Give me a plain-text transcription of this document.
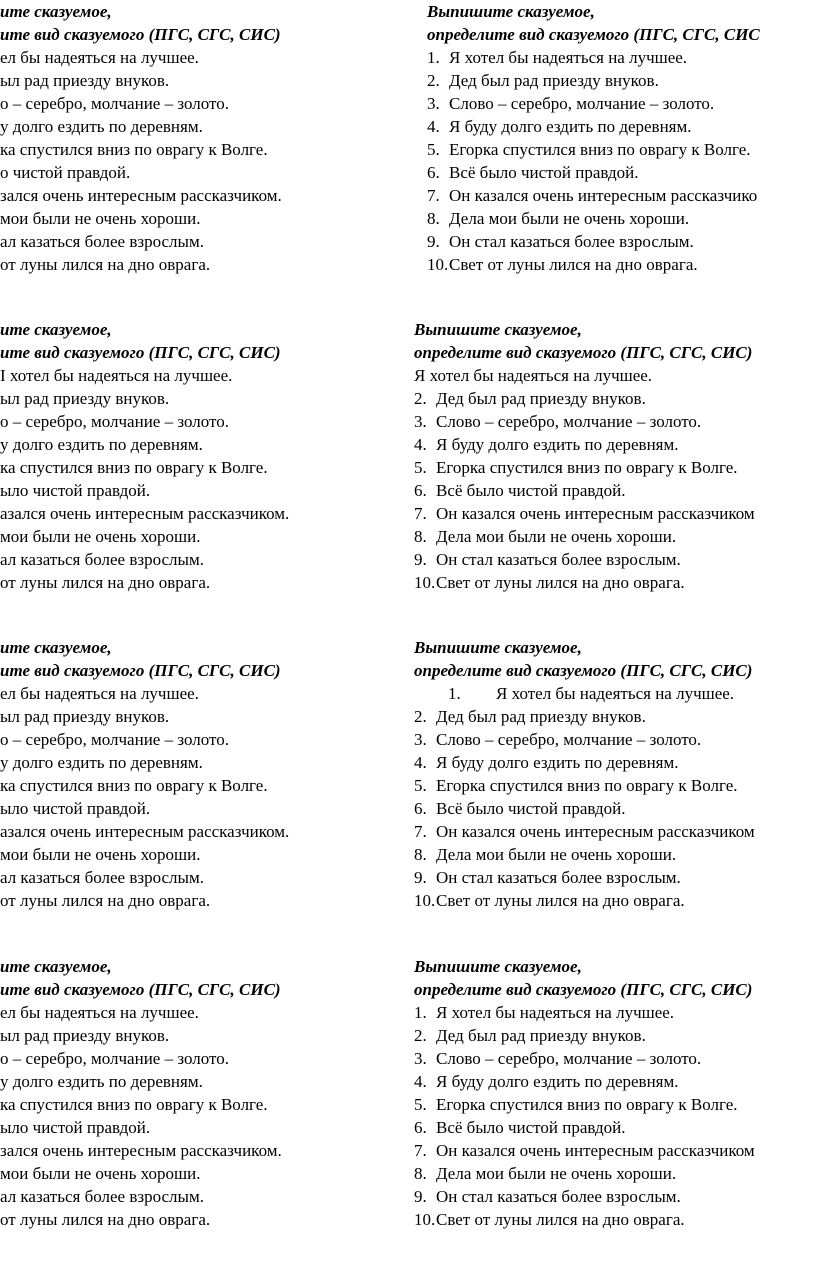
ите сказуемое,
ите вид сказуемого (ПГС, СГС, СИС)
ел бы надеяться на лучшее.
ыл рад приезду внуков.
о – серебро, молчание – золото.
у долго ездить по деревням.
ка спустился вниз по оврагу к Волге.
о чистой правдой.
зался очень интересным рассказчиком.
мои были не очень хороши.
ал казаться более взрослым.
от луны лился на дно оврага.
ите сказуемое,
ите вид сказуемого (ПГС, СГС, СИС)
I хотел бы надеяться на лучшее.
ыл рад приезду внуков.
о – серебро, молчание – золото.
у долго ездить по деревням.
ка спустился вниз по оврагу к Волге.
ыло чистой правдой.
азался очень интересным рассказчиком.
мои были не очень хороши.
ал казаться более взрослым.
от луны лился на дно оврага.
ите сказуемое,
ите вид сказуемого (ПГС, СГС, СИС)
ел бы надеяться на лучшее.
ыл рад приезду внуков.
о – серебро, молчание – золото.
у долго ездить по деревням.
ка спустился вниз по оврагу к Волге.
ыло чистой правдой.
азался очень интересным рассказчиком.
мои были не очень хороши.
ал казаться более взрослым.
от луны лился на дно оврага.
ите сказуемое,
ите вид сказуемого (ПГС, СГС, СИС)
ел бы надеяться на лучшее.
ыл рад приезду внуков.
о – серебро, молчание – золото.
у долго ездить по деревням.
ка спустился вниз по оврагу к Волге.
ыло чистой правдой.
зался очень интересным рассказчиком.
мои были не очень хороши.
ал казаться более взрослым.
от луны лился на дно оврага.
Выпишите сказуемое,
определите вид сказуемого (ПГС, СГС, СИС
1. Я хотел бы надеяться на лучшее.
2. Дед был рад приезду внуков.
3. Слово – серебро, молчание – золото.
4. Я буду долго ездить по деревням.
5. Егорка спустился вниз по оврагу к Волге.
6. Всё было чистой правдой.
7. Он казался очень интересным рассказчико
8. Дела мои были не очень хороши.
9. Он стал казаться более взрослым.
10. Свет от луны лился на дно оврага.
Выпишите сказуемое,
определите вид сказуемого (ПГС, СГС, СИС)
Я хотел бы надеяться на лучшее.
2. Дед был рад приезду внуков.
3. Слово – серебро, молчание – золото.
4. Я буду долго ездить по деревням.
5. Егорка спустился вниз по оврагу к Волге.
6. Всё было чистой правдой.
7. Он казался очень интересным рассказчиком
8. Дела мои были не очень хороши.
9. Он стал казаться более взрослым.
10. Свет от луны лился на дно оврага.
Выпишите сказуемое,
определите вид сказуемого (ПГС, СГС, СИС)
1. Я хотел бы надеяться на лучшее.
2. Дед был рад приезду внуков.
3. Слово – серебро, молчание – золото.
4. Я буду долго ездить по деревням.
5. Егорка спустился вниз по оврагу к Волге.
6. Всё было чистой правдой.
7. Он казался очень интересным рассказчиком
8. Дела мои были не очень хороши.
9. Он стал казаться более взрослым.
10. Свет от луны лился на дно оврага.
Выпишите сказуемое,
определите вид сказуемого (ПГС, СГС, СИС)
1. Я хотел бы надеяться на лучшее.
2. Дед был рад приезду внуков.
3. Слово – серебро, молчание – золото.
4. Я буду долго ездить по деревням.
5. Егорка спустился вниз по оврагу к Волге.
6. Всё было чистой правдой.
7. Он казался очень интересным рассказчиком
8. Дела мои были не очень хороши.
9. Он стал казаться более взрослым.
10. Свет от луны лился на дно оврага.
